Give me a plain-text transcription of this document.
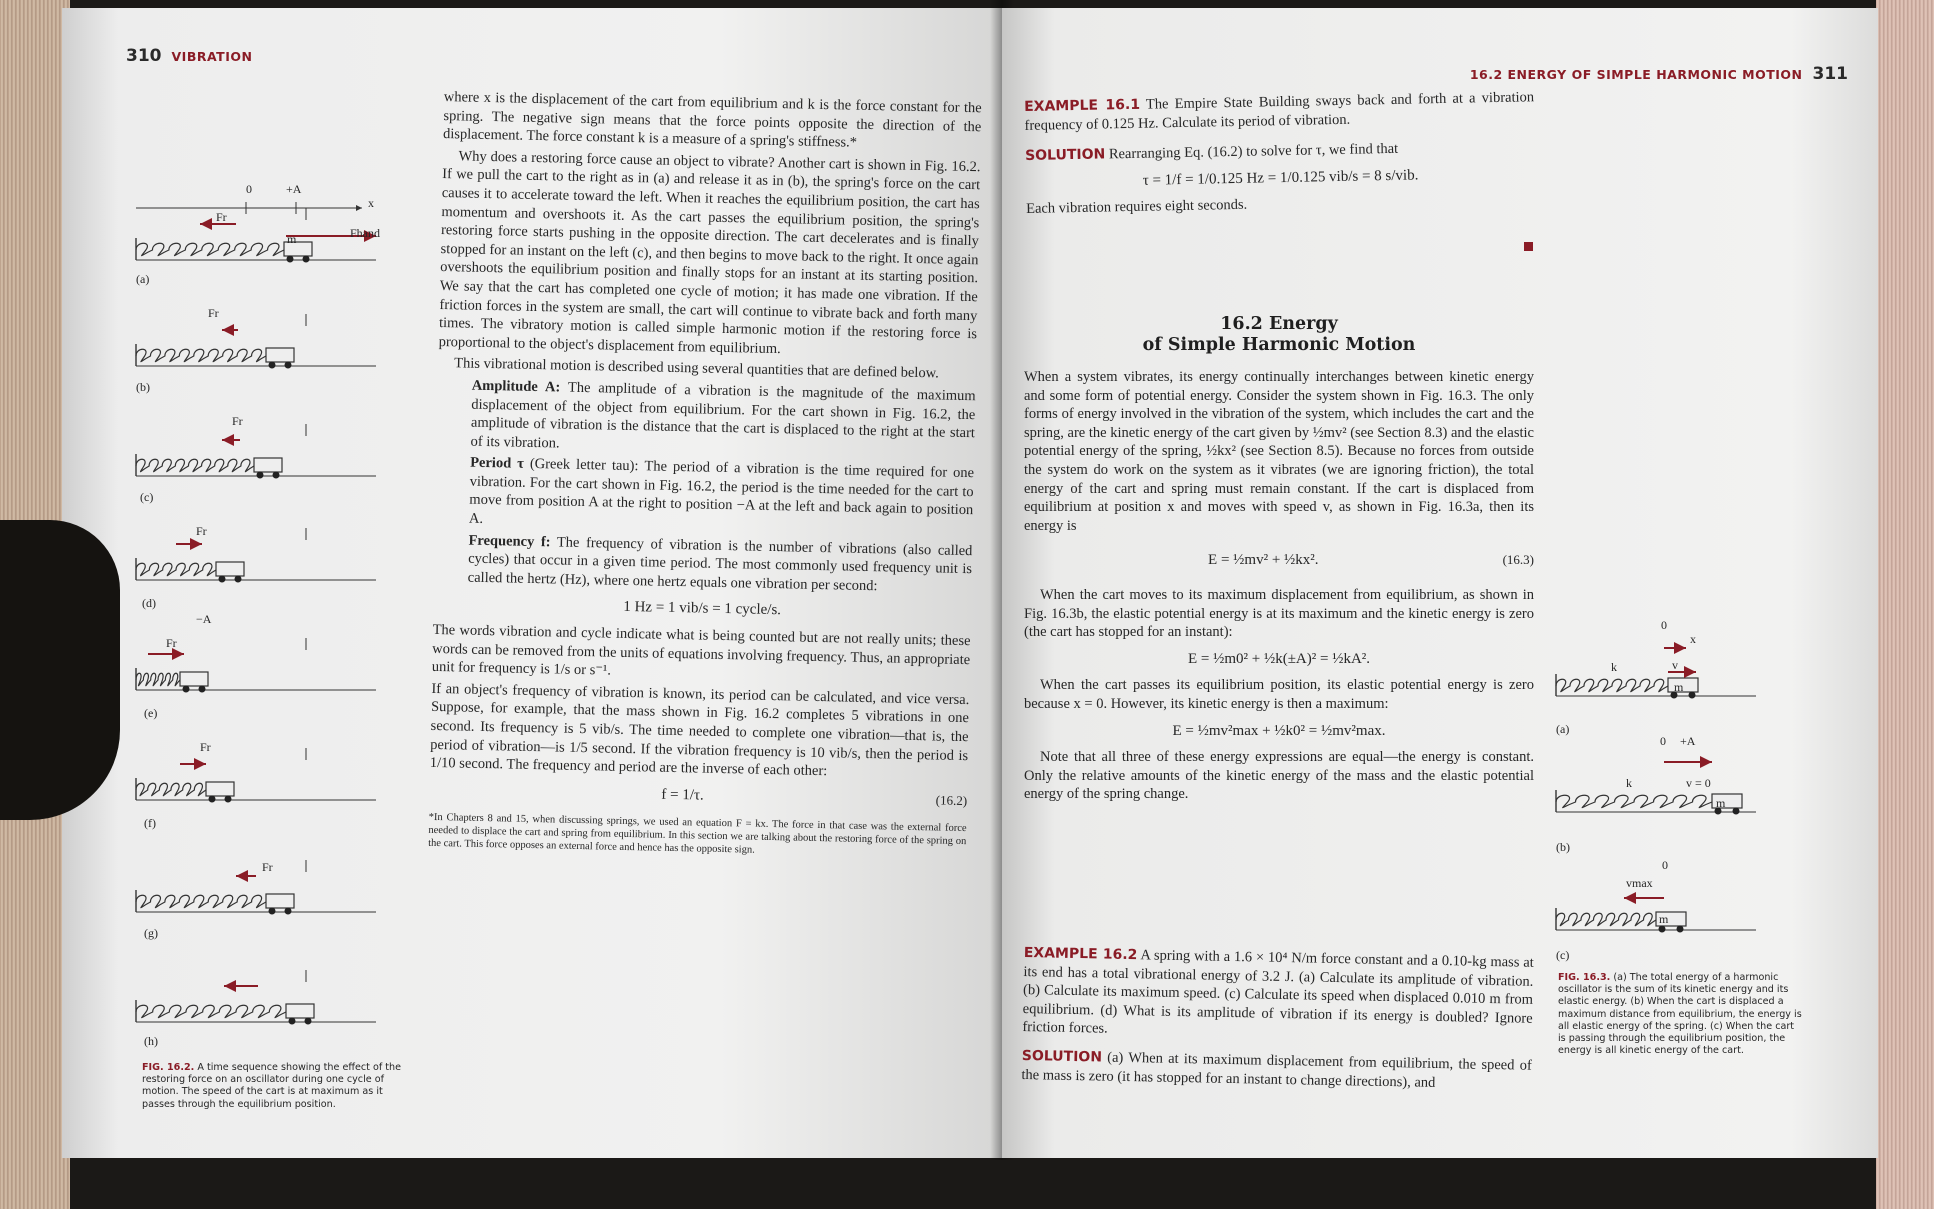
310 VIBRATION
0	+A
x
Fr
Fhand
m
Fr
Fr
Fr
−A
Fr
Fr
Fr
(a)
(b)
(c)
(d)
(e)
(f)
(g)
(h)
FIG. 16.2. A time sequence showing the effect of the restoring force on an oscillator during one cycle of motion. The speed of the cart is at maximum as it passes through the equilibrium position.

where x is the displacement of the cart from equilibrium and k is the force constant for the spring. The negative sign means that the force points opposite the direction of the displacement. The force constant k is a measure of a spring's stiffness.*

Why does a restoring force cause an object to vibrate? Another cart is shown in Fig. 16.2. If we pull the cart to the right as in (a) and release it as in (b), the spring's force on the cart causes it to accelerate toward the left. When it reaches the equilibrium position, the cart has momentum and overshoots it. As the cart passes the equilibrium position, the spring's restoring force starts pushing in the opposite direction. The cart decelerates and is finally stopped for an instant on the left (c), and then begins to move back to the right. It once again overshoots the equilibrium position and finally stops for an instant at its starting position. We say that the cart has completed one cycle of motion; it has made one vibration. If the friction forces in the system are small, the cart will continue to vibrate back and forth many times. The vibratory motion is called simple harmonic motion if the restoring force is proportional to the object's displacement from equilibrium.

This vibrational motion is described using several quantities that are defined below.

Amplitude A: The amplitude of a vibration is the magnitude of the maximum displacement of the object from equilibrium. For the cart shown in Fig. 16.2, the amplitude of vibration is the distance that the cart is displaced to the right at the start of its vibration.

Period τ (Greek letter tau): The period of a vibration is the time required for one vibration. For the cart shown in Fig. 16.2, the period is the time needed for the cart to move from position A at the right to position −A at the left and back again to position A.

Frequency f: The frequency of vibration is the number of vibrations (also called cycles) that occur in a given time period. The most commonly used frequency unit is called the hertz (Hz), where one hertz equals one vibration per second:

1 Hz = 1 vib/s = 1 cycle/s.

The words vibration and cycle indicate what is being counted but are not really units; these words can be removed from the units of equations involving frequency. Thus, an appropriate unit for frequency is 1/s or s⁻¹.

If an object's frequency of vibration is known, its period can be calculated, and vice versa. Suppose, for example, that the mass shown in Fig. 16.2 completes 5 vibrations in one second. Its frequency is 5 vib/s. The time needed to complete one vibration—that is, the period of vibration—is 1/5 second. If the vibration frequency is 10 vib/s, then the period is 1/10 second. The frequency and period are the inverse of each other:

(16.2)
f = 1/τ.

*In Chapters 8 and 15, when discussing springs, we used an equation F = kx. The force in that case was the external force needed to displace the cart and spring from equilibrium. In this section we are talking about the restoring force of the spring on the cart. This force opposes an external force and hence has the opposite sign.

16.2 ENERGY OF SIMPLE HARMONIC MOTION 311

EXAMPLE 16.1 The Empire State Building sways back and forth at a vibration frequency of 0.125 Hz. Calculate its period of vibration.

SOLUTION Rearranging Eq. (16.2) to solve for τ, we find that

τ = 1/f = 1/0.125 Hz = 1/0.125 vib/s = 8 s/vib.

Each vibration requires eight seconds.

16.2 Energy
of Simple Harmonic Motion

When a system vibrates, its energy continually interchanges between kinetic energy and some form of potential energy. Consider the system shown in Fig. 16.3. The only forms of energy involved in the vibration of the system, which includes the cart and the spring, are the kinetic energy of the cart given by ½mv² (see Section 8.3) and the elastic potential energy of the spring, ½kx² (see Section 8.5). Because no forces from outside the system do work on the system as it vibrates (we are ignoring friction), the total energy of the cart and spring must remain constant. If the cart is displaced from equilibrium at position x and moves with speed v, as shown in Fig. 16.3a, then its energy is

(16.3)
E = ½mv² + ½kx².

When the cart moves to its maximum displacement from equilibrium, as shown in Fig. 16.3b, the elastic potential energy is at its maximum and the kinetic energy is zero (the cart has stopped for an instant):

E = ½m0² + ½k(±A)² = ½kA².

When the cart passes its equilibrium position, its elastic potential energy is zero because x = 0. However, its kinetic energy is then a maximum:

E = ½mv²max + ½k0² = ½mv²max.

Note that all three of these energy expressions are equal—the energy is constant. Only the relative amounts of the kinetic energy of the mass and the elastic potential energy of the spring change.

EXAMPLE 16.2 A spring with a 1.6 × 10⁴ N/m force constant and a 0.10-kg mass at its end has a total vibrational energy of 3.2 J. (a) Calculate its amplitude of vibration. (b) Calculate its maximum speed. (c) Calculate its speed when displaced 0.010 m from equilibrium. (d) What is its amplitude of vibration if its energy is doubled? Ignore friction forces.

SOLUTION (a) When at its maximum displacement from equilibrium, the speed of the mass is zero (it has stopped for an instant to change directions), and

0
x
k	v
m
0 +A
k	v = 0
m
0
vmax
m
(a)
(b)
(c)
FIG. 16.3. (a) The total energy of a harmonic oscillator is the sum of its kinetic energy and its elastic energy. (b) When the cart is displaced a maximum distance from equilibrium, the energy is all elastic energy of the spring. (c) When the cart is passing through the equilibrium position, the energy is all kinetic energy of the cart.
